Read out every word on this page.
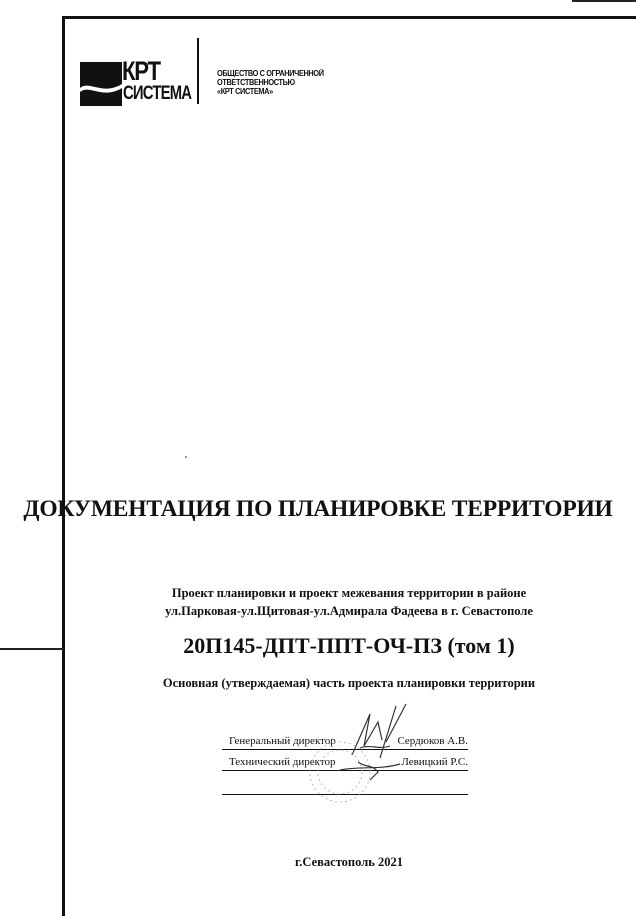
КРТ
СИСТЕМА
ОБЩЕСТВО С ОГРАНИЧЕННОЙ
ОТВЕТСТВЕННОСТЬЮ
«КРТ СИСТЕМА»
ДОКУМЕНТАЦИЯ ПО ПЛАНИРОВКЕ ТЕРРИТОРИИ
Проект планировки и проект межевания территории в районе
ул.Парковая-ул.Щитовая-ул.Адмирала Фадеева в г. Севастополе
20П145-ДПТ-ППТ-ОЧ-ПЗ (том 1)
Основная (утверждаемая) часть проекта планировки территории
Генеральный директор	Сердюков А.В.
Технический директор	Левицкий Р.С.
г.Севастополь 2021
